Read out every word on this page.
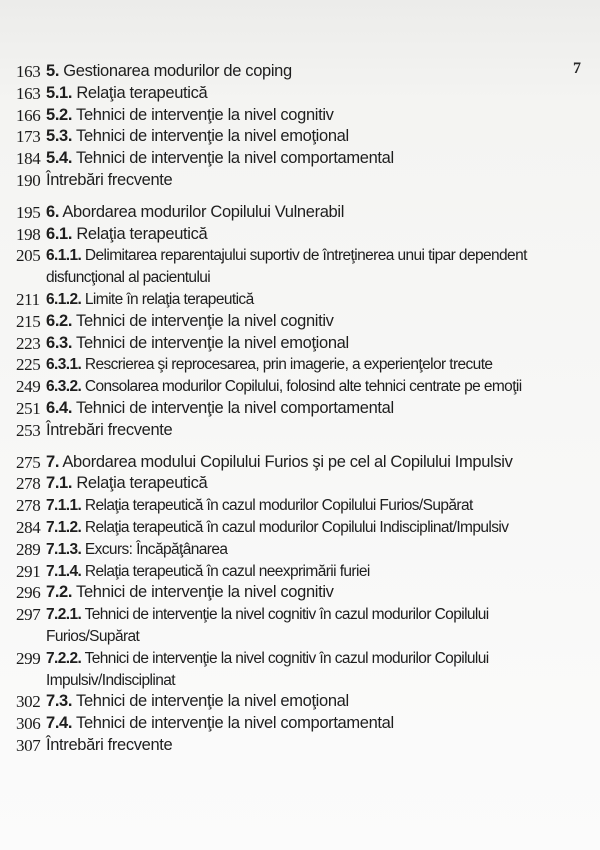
7
163 5. Gestionarea modurilor de coping
163 5.1. Relaţia terapeutică
166 5.2. Tehnici de intervenţie la nivel cognitiv
173 5.3. Tehnici de intervenţie la nivel emoţional
184 5.4. Tehnici de intervenţie la nivel comportamental
190 Întrebări frecvente
195 6. Abordarea modurilor Copilului Vulnerabil
198 6.1. Relaţia terapeutică
205 6.1.1. Delimitarea reparentajului suportiv de întreţinerea unui tipar dependent disfuncţional al pacientului
211 6.1.2. Limite în relaţia terapeutică
215 6.2. Tehnici de intervenţie la nivel cognitiv
223 6.3. Tehnici de intervenţie la nivel emoţional
225 6.3.1. Rescrierea şi reprocesarea, prin imagerie, a experienţelor trecute
249 6.3.2. Consolarea modurilor Copilului, folosind alte tehnici centrate pe emoţii
251 6.4. Tehnici de intervenţie la nivel comportamental
253 Întrebări frecvente
275 7. Abordarea modului Copilului Furios şi pe cel al Copilului Impulsiv
278 7.1. Relaţia terapeutică
278 7.1.1. Relaţia terapeutică în cazul modurilor Copilului Furios/Supărat
284 7.1.2. Relaţia terapeutică în cazul modurilor Copilului Indisciplinat/Impulsiv
289 7.1.3. Excurs: Încăpăţânarea
291 7.1.4. Relaţia terapeutică în cazul neexprimării furiei
296 7.2. Tehnici de intervenţie la nivel cognitiv
297 7.2.1. Tehnici de intervenţie la nivel cognitiv în cazul modurilor Copilului Furios/Supărat
299 7.2.2. Tehnici de intervenţie la nivel cognitiv în cazul modurilor Copilului Impulsiv/Indisciplinat
302 7.3. Tehnici de intervenţie la nivel emoţional
306 7.4. Tehnici de intervenţie la nivel comportamental
307 Întrebări frecvente
